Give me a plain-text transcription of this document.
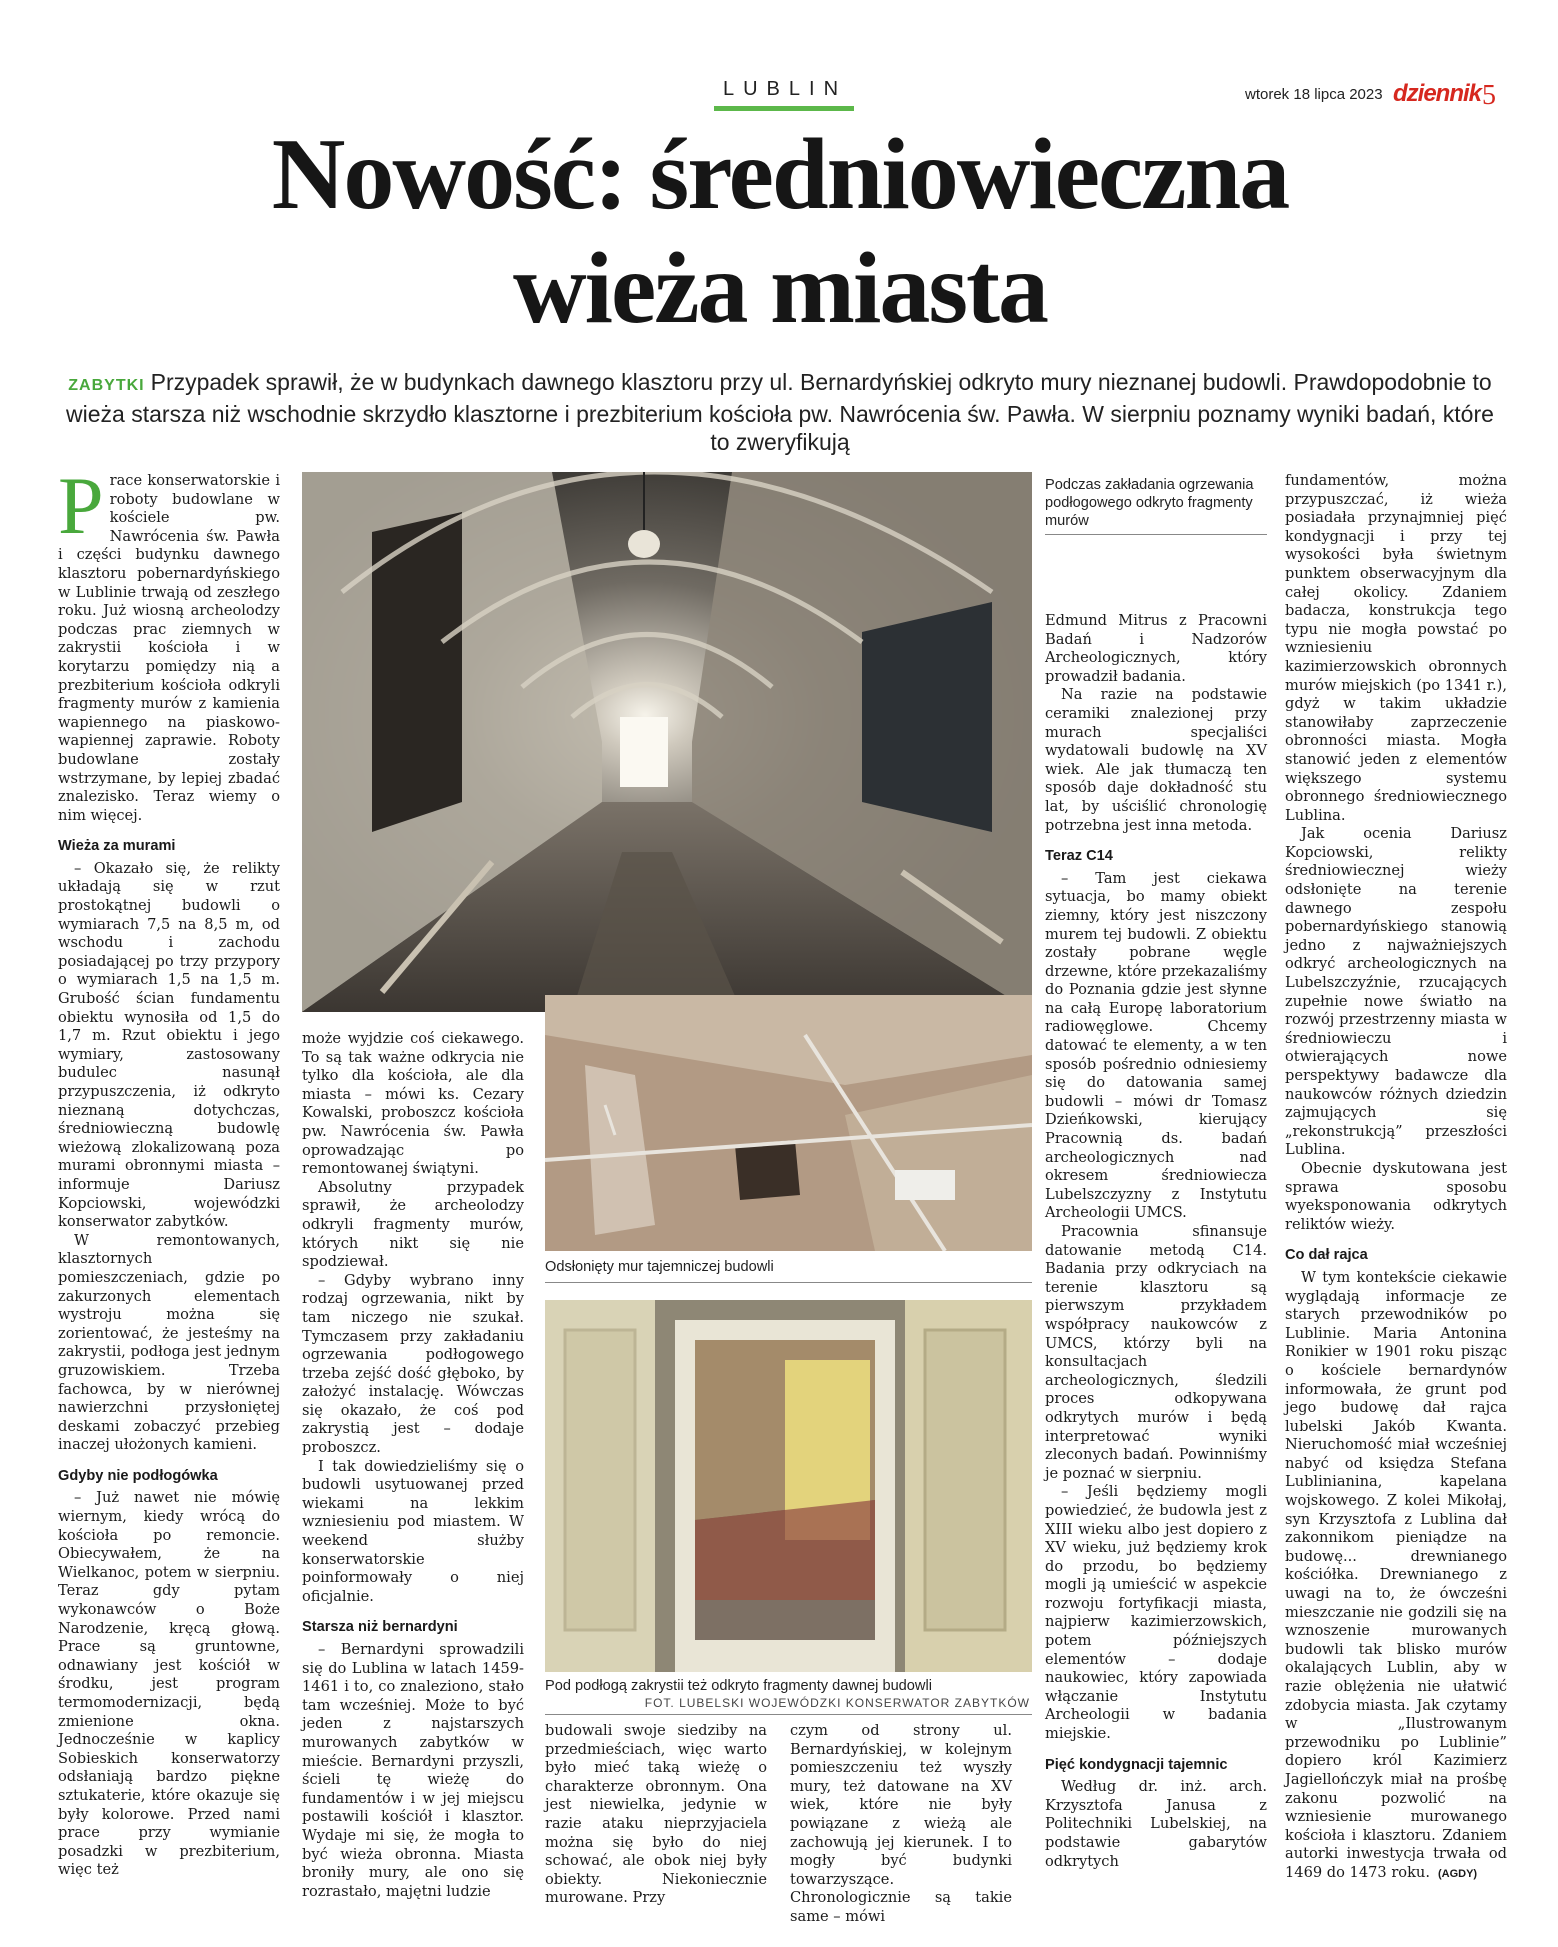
LUBLIN	wtorek 18 lipca 2023 dziennik 5
Nowość: średniowieczna
wieża miasta
ZABYTKI Przypadek sprawił, że w budynkach dawnego klasztoru przy ul. Bernardyńskiej odkryto mury nieznanej budowli. Prawdopodobnie to wieża starsza niż wschodnie skrzydło klasztorne i prezbiterium kościoła pw. Nawrócenia św. Pawła. W sierpniu poznamy wyniki badań, które to zweryfikują
P race konserwatorskie i roboty budowlane w kościele pw. Nawrócenia św. Pawła i części budynku dawnego klasztoru pobernardyńskiego w Lublinie trwają od zeszłego roku. Już wiosną archeolodzy podczas prac ziemnych w zakrystii kościoła i w korytarzu pomiędzy nią a prezbiterium kościoła odkryli fragmenty murów z kamienia wapiennego na piaskowo-wapiennej zaprawie. Roboty budowlane zostały wstrzymane, by lepiej zbadać znalezisko. Teraz wiemy o nim więcej.

Wieża za murami

– Okazało się, że relikty układają się w rzut prostokątnej budowli o wymiarach 7,5 na 8,5 m, od wschodu i zachodu posiadającej po trzy przypory o wymiarach 1,5 na 1,5 m. Grubość ścian fundamentu obiektu wynosiła od 1,5 do 1,7 m. Rzut obiektu i jego wymiary, zastosowany budulec nasunął przypuszczenia, iż odkryto nieznaną dotychczas, średniowieczną budowlę wieżową zlokalizowaną poza murami obronnymi miasta – informuje Dariusz Kopciowski, wojewódzki konserwator zabytków.

W remontowanych, klasztornych pomieszczeniach, gdzie po zakurzonych elementach wystroju można się zorientować, że jesteśmy na zakrystii, podłoga jest jednym gruzowiskiem. Trzeba fachowca, by w nierównej nawierzchni przysłoniętej deskami zobaczyć przebieg inaczej ułożonych kamieni.

Gdyby nie podłogówka

– Już nawet nie mówię wiernym, kiedy wrócą do kościoła po remoncie. Obiecywałem, że na Wielkanoc, potem w sierpniu. Teraz gdy pytam wykonawców o Boże Narodzenie, kręcą głową. Prace są gruntowne, odnawiany jest kościół w środku, jest program termomodernizacji, będą zmienione okna. Jednocześnie w kaplicy Sobieskich konserwatorzy odsłaniają bardzo piękne sztukaterie, które okazuje się były kolorowe. Przed nami prace przy wymianie posadzki w prezbiterium, więc też

może wyjdzie coś ciekawego. To są tak ważne odkrycia nie tylko dla kościoła, ale dla miasta – mówi ks. Cezary Kowalski, proboszcz kościoła pw. Nawrócenia św. Pawła oprowadzając po remontowanej świątyni.

Absolutny przypadek sprawił, że archeolodzy odkryli fragmenty murów, których nikt się nie spodziewał.

– Gdyby wybrano inny rodzaj ogrzewania, nikt by tam niczego nie szukał. Tymczasem przy zakładaniu ogrzewania podłogowego trzeba zejść dość głęboko, by założyć instalację. Wówczas się okazało, że coś pod zakrystią jest – dodaje proboszcz.

I tak dowiedzieliśmy się o budowli usytuowanej przed wiekami na lekkim wzniesieniu pod miastem. W weekend służby konserwatorskie poinformowały o niej oficjalnie.

Starsza niż bernardyni

– Bernardyni sprowadzili się do Lublina w latach 1459-1461 i to, co znaleziono, stało tam wcześniej. Może to być jeden z najstarszych murowanych zabytków w mieście. Bernardyni przyszli, ścieli tę wieżę do fundamentów i w jej miejscu postawili kościół i klasztor. Wydaje mi się, że mogła to być wieża obronna. Miasta broniły mury, ale ono się rozrastało, majętni ludzie

Odsłonięty mur tajemniczej budowli
Pod podłogą zakrystii też odkryto fragmenty dawnej budowli
FOT. LUBELSKI WOJEWÓDZKI KONSERWATOR ZABYTKÓW

budowali swoje siedziby na przedmieściach, więc warto było mieć taką wieżę o charakterze obronnym. Ona jest niewielka, jedynie w razie ataku nieprzyjaciela można się było do niej schować, ale obok niej były obiekty. Niekoniecznie murowane. Przy

czym od strony ul. Bernardyńskiej, w kolejnym pomieszczeniu też wyszły mury, też datowane na XV wiek, które nie były powiązane z wieżą ale zachowują jej kierunek. I to mogły być budynki towarzyszące. Chronologicznie są takie same – mówi

Podczas zakładania ogrzewania podłogowego odkryto fragmenty murów

Edmund Mitrus z Pracowni Badań i Nadzorów Archeologicznych, który prowadził badania.

Na razie na podstawie ceramiki znalezionej przy murach specjaliści wydatowali budowlę na XV wiek. Ale jak tłumaczą ten sposób daje dokładność stu lat, by uściślić chronologię potrzebna jest inna metoda.

Teraz C14

– Tam jest ciekawa sytuacja, bo mamy obiekt ziemny, który jest niszczony murem tej budowli. Z obiektu zostały pobrane węgle drzewne, które przekazaliśmy do Poznania gdzie jest słynne na całą Europę laboratorium radiowęglowe. Chcemy datować te elementy, a w ten sposób pośrednio odniesiemy się do datowania samej budowli – mówi dr Tomasz Dzieńkowski, kierujący Pracownią ds. badań archeologicznych nad okresem średniowiecza Lubelszczyzny z Instytutu Archeologii UMCS.

Pracownia sfinansuje datowanie metodą C14. Badania przy odkryciach na terenie klasztoru są pierwszym przykładem współpracy naukowców z UMCS, którzy byli na konsultacjach archeologicznych, śledzili proces odkopywana odkrytych murów i będą interpretować wyniki zleconych badań. Powinniśmy je poznać w sierpniu.

– Jeśli będziemy mogli powiedzieć, że budowla jest z XIII wieku albo jest dopiero z XV wieku, już będziemy krok do przodu, bo będziemy mogli ją umieścić w aspekcie rozwoju fortyfikacji miasta, najpierw kazimierzowskich, potem późniejszych elementów – dodaje naukowiec, który zapowiada włączanie Instytutu Archeologii w badania miejskie.

Pięć kondygnacji tajemnic

Według dr. inż. arch. Krzysztofa Janusa z Politechniki Lubelskiej, na podstawie gabarytów odkrytych

fundamentów, można przypuszczać, iż wieża posiadała przynajmniej pięć kondygnacji i przy tej wysokości była świetnym punktem obserwacyjnym dla całej okolicy. Zdaniem badacza, konstrukcja tego typu nie mogła powstać po wzniesieniu kazimierzowskich obronnych murów miejskich (po 1341 r.), gdyż w takim układzie stanowiłaby zaprzeczenie obronności miasta. Mogła stanowić jeden z elementów większego systemu obronnego średniowiecznego Lublina.

Jak ocenia Dariusz Kopciowski, relikty średniowiecznej wieży odsłonięte na terenie dawnego zespołu pobernardyńskiego stanowią jedno z najważniejszych odkryć archeologicznych na Lubelszczyźnie, rzucających zupełnie nowe światło na rozwój przestrzenny miasta w średniowieczu i otwierających nowe perspektywy badawcze dla naukowców różnych dziedzin zajmujących się „rekonstrukcją” przeszłości Lublina.

Obecnie dyskutowana jest sprawa sposobu wyeksponowania odkrytych reliktów wieży.

Co dał rajca

W tym kontekście ciekawie wyglądają informacje ze starych przewodników po Lublinie. Maria Antonina Ronikier w 1901 roku pisząc o kościele bernardynów informowała, że grunt pod jego budowę dał rajca lubelski Jakób Kwanta. Nieruchomość miał wcześniej nabyć od księdza Stefana Lublinianina, kapelana wojskowego. Z kolei Mikołaj, syn Krzysztofa z Lublina dał zakonnikom pieniądze na budowę... drewnianego kościółka. Drewnianego z uwagi na to, że ówcześni mieszczanie nie godzili się na wznoszenie murowanych budowli tak blisko murów okalających Lublin, aby w razie oblężenia nie ułatwić zdobycia miasta. Jak czytamy w „Ilustrowanym przewodniku po Lublinie” dopiero król Kazimierz Jagiellończyk miał na prośbę zakonu pozwolić na wzniesienie murowanego kościoła i klasztoru. Zdaniem autorki inwestycja trwała od 1469 do 1473 roku. (AGDY)
